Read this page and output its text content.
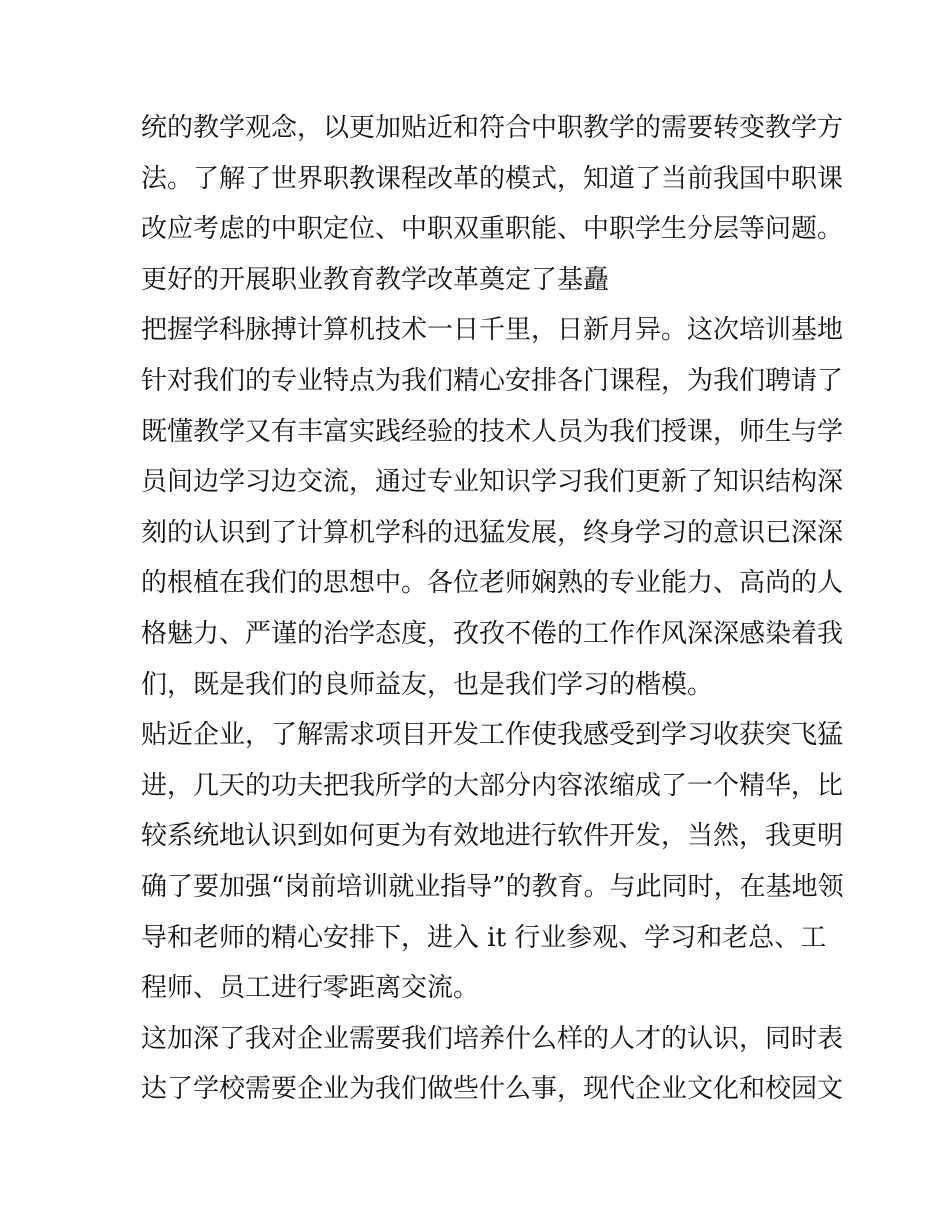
统的教学观念，以更加贴近和符合中职教学的需要转变教学方
法。了解了世界职教课程改革的模式，知道了当前我国中职课
改应考虑的中职定位、中职双重职能、中职学生分层等问题。
更好的开展职业教育教学改革奠定了基矗
把握学科脉搏计算机技术一日千里，日新月异。这次培训基地
针对我们的专业特点为我们精心安排各门课程，为我们聘请了
既懂教学又有丰富实践经验的技术人员为我们授课，师生与学
员间边学习边交流，通过专业知识学习我们更新了知识结构深
刻的认识到了计算机学科的迅猛发展，终身学习的意识已深深
的根植在我们的思想中。各位老师娴熟的专业能力、高尚的人
格魅力、严谨的治学态度，孜孜不倦的工作作风深深感染着我
们，既是我们的良师益友，也是我们学习的楷模。
贴近企业，了解需求项目开发工作使我感受到学习收获突飞猛
进，几天的功夫把我所学的大部分内容浓缩成了一个精华，比
较系统地认识到如何更为有效地进行软件开发，当然，我更明
确了要加强“岗前培训就业指导”的教育。与此同时，在基地领
导和老师的精心安排下，进入 it 行业参观、学习和老总、工
程师、员工进行零距离交流。
这加深了我对企业需要我们培养什么样的人才的认识，同时表
达了学校需要企业为我们做些什么事，现代企业文化和校园文
